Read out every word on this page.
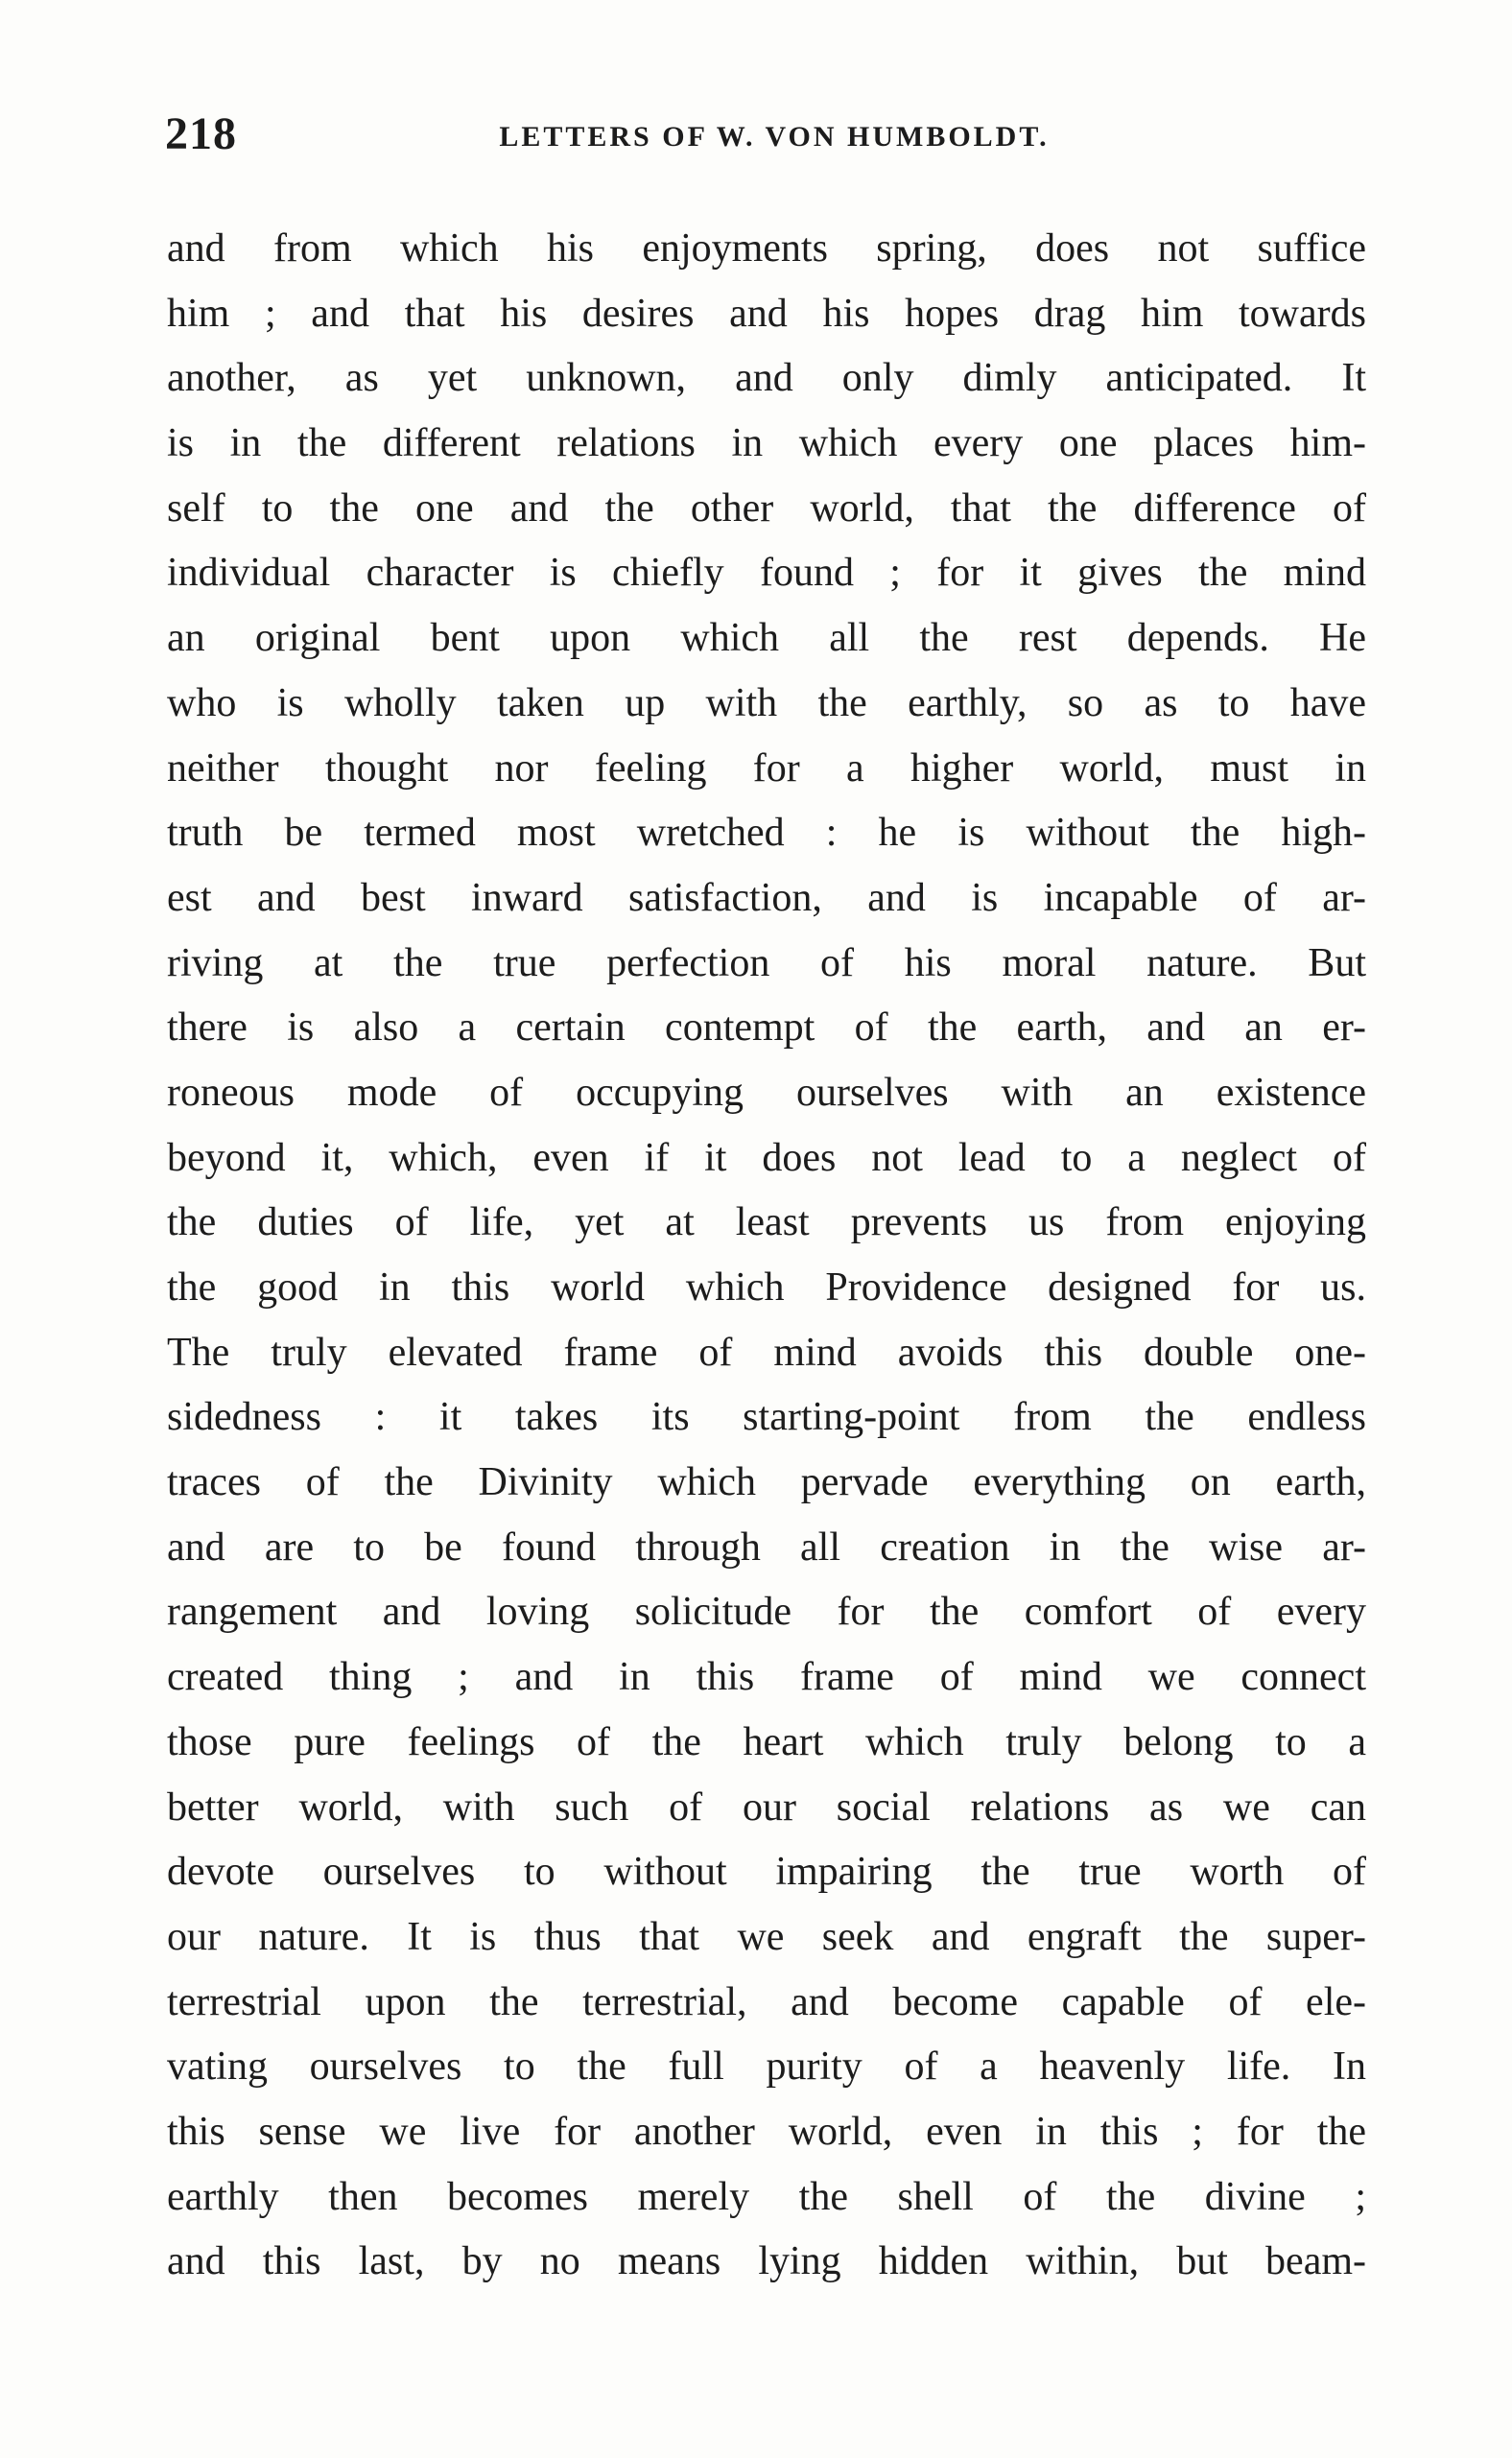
218	LETTERS OF W. VON HUMBOLDT.
and from which his enjoyments spring, does not suffice
him ; and that his desires and his hopes drag him towards
another, as yet unknown, and only dimly anticipated. It
is in the different relations in which every one places him-
self to the one and the other world, that the difference of
individual character is chiefly found ; for it gives the mind
an original bent upon which all the rest depends. He
who is wholly taken up with the earthly, so as to have
neither thought nor feeling for a higher world, must in
truth be termed most wretched : he is without the high-
est and best inward satisfaction, and is incapable of ar-
riving at the true perfection of his moral nature. But
there is also a certain contempt of the earth, and an er-
roneous mode of occupying ourselves with an existence
beyond it, which, even if it does not lead to a neglect of
the duties of life, yet at least prevents us from enjoying
the good in this world which Providence designed for us.
The truly elevated frame of mind avoids this double one-
sidedness : it takes its starting-point from the endless
traces of the Divinity which pervade everything on earth,
and are to be found through all creation in the wise ar-
rangement and loving solicitude for the comfort of every
created thing ; and in this frame of mind we connect
those pure feelings of the heart which truly belong to a
better world, with such of our social relations as we can
devote ourselves to without impairing the true worth of
our nature. It is thus that we seek and engraft the super-
terrestrial upon the terrestrial, and become capable of ele-
vating ourselves to the full purity of a heavenly life. In
this sense we live for another world, even in this ; for the
earthly then becomes merely the shell of the divine ;
and this last, by no means lying hidden within, but beam-
